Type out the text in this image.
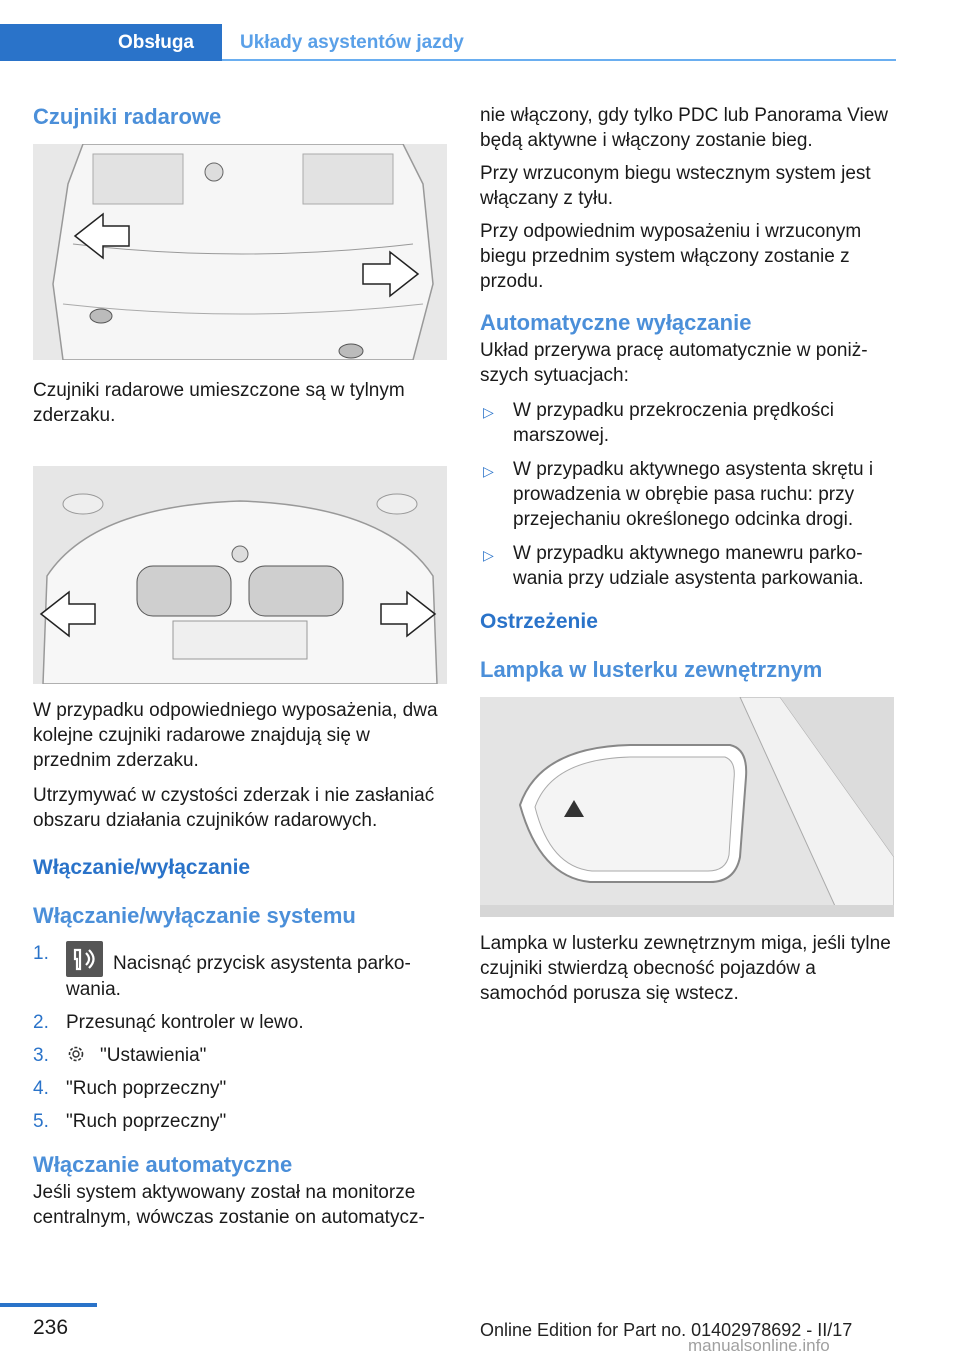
Obsługa	Układy asystentów jazdy
Czujniki radarowe

Czujniki radarowe umieszczone są w tylnym zderzaku.

W przypadku odpowiedniego wyposażenia, dwa kolejne czujniki radarowe znajdują się w przednim zderzaku.

Utrzymywać w czystości zderzak i nie zasłaniać obszaru działania czujników radarowych.

Włączanie/wyłączanie
Włączanie/wyłączanie systemu
1.	Nacisnąć przycisk asystenta parko‐wania.
2. Przesunąć kontroler w lewo.
3.	"Ustawienia"
4. "Ruch poprzeczny"
5. "Ruch poprzeczny"
Włączanie automatyczne

Jeśli system aktywowany został na monitorze centralnym, wówczas zostanie on automatycz‐

nie włączony, gdy tylko PDC lub Panorama View będą aktywne i włączony zostanie bieg.

Przy wrzuconym biegu wstecznym system jest włączany z tyłu.

Przy odpowiednim wyposażeniu i wrzuconym biegu przednim system włączony zostanie z przodu.

Automatyczne wyłączanie

Układ przerywa pracę automatycznie w poniż‐szych sytuacjach:

▷ W przypadku przekroczenia prędkości marszowej.
▷ W przypadku aktywnego asystenta skrętu i prowadzenia w obrębie pasa ruchu: przy przejechaniu określonego odcinka drogi.
▷ W przypadku aktywnego manewru parko‐wania przy udziale asystenta parkowania.
Ostrzeżenie
Lampka w lusterku zewnętrznym

Lampka w lusterku zewnętrznym miga, jeśli tylne czujniki stwierdzą obecność pojazdów a samochód porusza się wstecz.

236	Online Edition for Part no. 01402978692 - II/17
manualsonline.info
